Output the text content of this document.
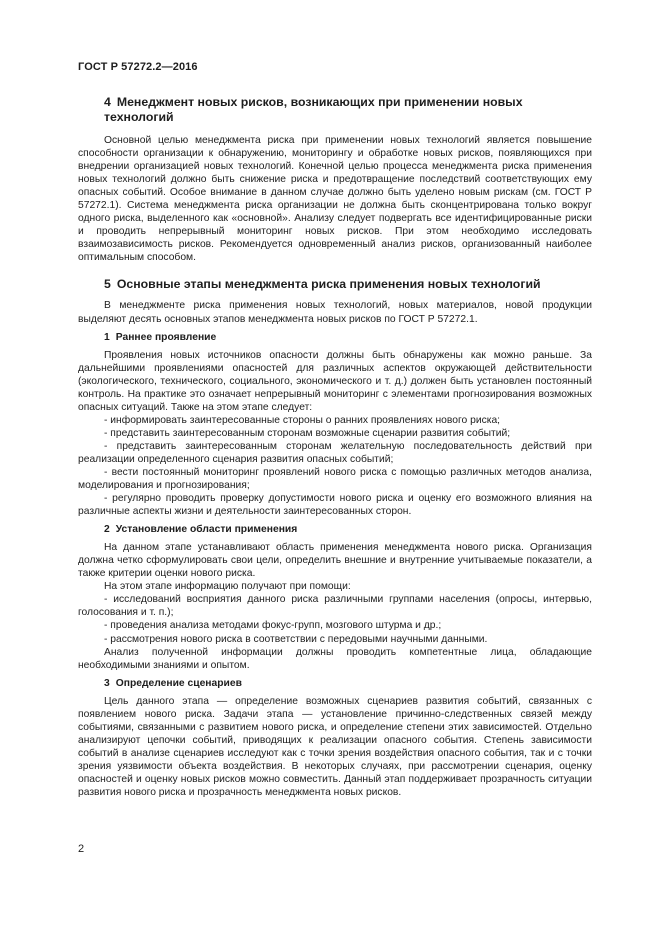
ГОСТ Р 57272.2—2016
4 Менеджмент новых рисков, возникающих при применении новых технологий

Основной целью менеджмента риска при применении новых технологий является повышение способности организации к обнаружению, мониторингу и обработке новых рисков, появляющихся при внедрении организацией новых технологий. Конечной целью процесса менеджмента риска применения новых технологий должно быть снижение риска и предотвращение последствий соответствующих ему опасных событий. Особое внимание в данном случае должно быть уделено новым рискам (см. ГОСТ Р 57272.1). Система менеджмента риска организации не должна быть сконцентрирована только вокруг одного риска, выделенного как «основной». Анализу следует подвергать все идентифицированные риски и проводить непрерывный мониторинг новых рисков. При этом необходимо исследовать взаимозависимость рисков. Рекомендуется одновременный анализ рисков, организованный наиболее оптимальным способом.

5 Основные этапы менеджмента риска применения новых технологий

В менеджменте риска применения новых технологий, новых материалов, новой продукции выделяют десять основных этапов менеджмента новых рисков по ГОСТ Р 57272.1.

1 Раннее проявление

Проявления новых источников опасности должны быть обнаружены как можно раньше. За дальнейшими проявлениями опасностей для различных аспектов окружающей действительности (экологического, технического, социального, экономического и т. д.) должен быть установлен постоянный контроль. На практике это означает непрерывный мониторинг с элементами прогнозирования возможных опасных ситуаций. Также на этом этапе следует:

- информировать заинтересованные стороны о ранних проявлениях нового риска;

- представить заинтересованным сторонам возможные сценарии развития событий;

- представить заинтересованным сторонам желательную последовательность действий при реализации определенного сценария развития опасных событий;

- вести постоянный мониторинг проявлений нового риска с помощью различных методов анализа, моделирования и прогнозирования;

- регулярно проводить проверку допустимости нового риска и оценку его возможного влияния на различные аспекты жизни и деятельности заинтересованных сторон.

2 Установление области применения

На данном этапе устанавливают область применения менеджмента нового риска. Организация должна четко сформулировать свои цели, определить внешние и внутренние учитываемые показатели, а также критерии оценки нового риска.

На этом этапе информацию получают при помощи:

- исследований восприятия данного риска различными группами населения (опросы, интервью, голосования и т. п.);

- проведения анализа методами фокус-групп, мозгового штурма и др.;

- рассмотрения нового риска в соответствии с передовыми научными данными.

Анализ полученной информации должны проводить компетентные лица, обладающие необходимыми знаниями и опытом.

3 Определение сценариев

Цель данного этапа — определение возможных сценариев развития событий, связанных с появлением нового риска. Задачи этапа — установление причинно-следственных связей между событиями, связанными с развитием нового риска, и определение степени этих зависимостей. Отдельно анализируют цепочки событий, приводящих к реализации опасного события. Степень зависимости событий в анализе сценариев исследуют как с точки зрения воздействия опасного события, так и с точки зрения уязвимости объекта воздействия. В некоторых случаях, при рассмотрении сценария, оценку опасностей и оценку новых рисков можно совместить. Данный этап поддерживает прозрачность ситуации развития нового риска и прозрачность менеджмента новых рисков.

2
